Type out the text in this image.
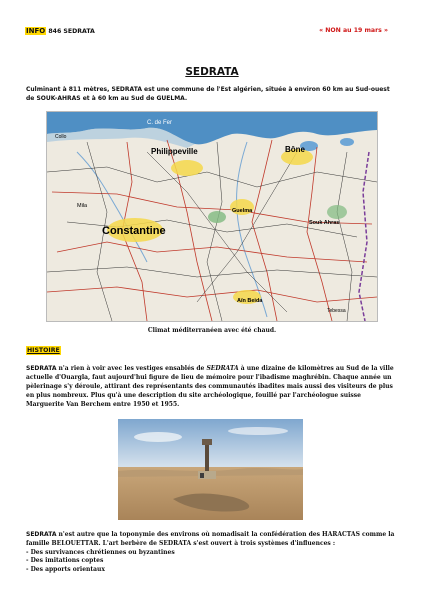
INFO 846 SEDRATA	« NON au 19 mars »
SEDRATA
Culminant à 811 mètres, SEDRATA est une commune de l'Est algérien, située à environ 60 km au Sud-ouest de SOUK-AHRAS et à 60 km au Sud de GUELMA.
C. de Fer
Collo
Philippeville	Bône
Constantine
Guelma
Souk Ahras
Mila
Aïn Beida
Tebessa
Climat méditerranéen avec été chaud.
HISTOIRE
SEDRATA n'a rien à voir avec les vestiges ensablés de SEDRATA à une dizaine de kilomètres au Sud de la ville actuelle d'Ouargla, faut aujourd'hui figure de lieu de mémoire pour l'ibadisme maghrébin. Chaque année un pèlerinage s'y déroule, attirant des représentants des communautés ibadites mais aussi des visiteurs de plus en plus nombreux. Plus qu'à une description du site archéologique, fouillé par l'archéologue suisse Marguerite Van Berchem entre 1950 et 1955.
SEDRATA n'est autre que la toponymie des environs où nomadisait la confédération des HARACTAS comme la famille BELOUETTAR. L'art berbère de SEDRATA s'est ouvert à trois systèmes d'influences :
- Des survivances chrétiennes ou byzantines
- Des imitations coptes
- Des apports orientaux
